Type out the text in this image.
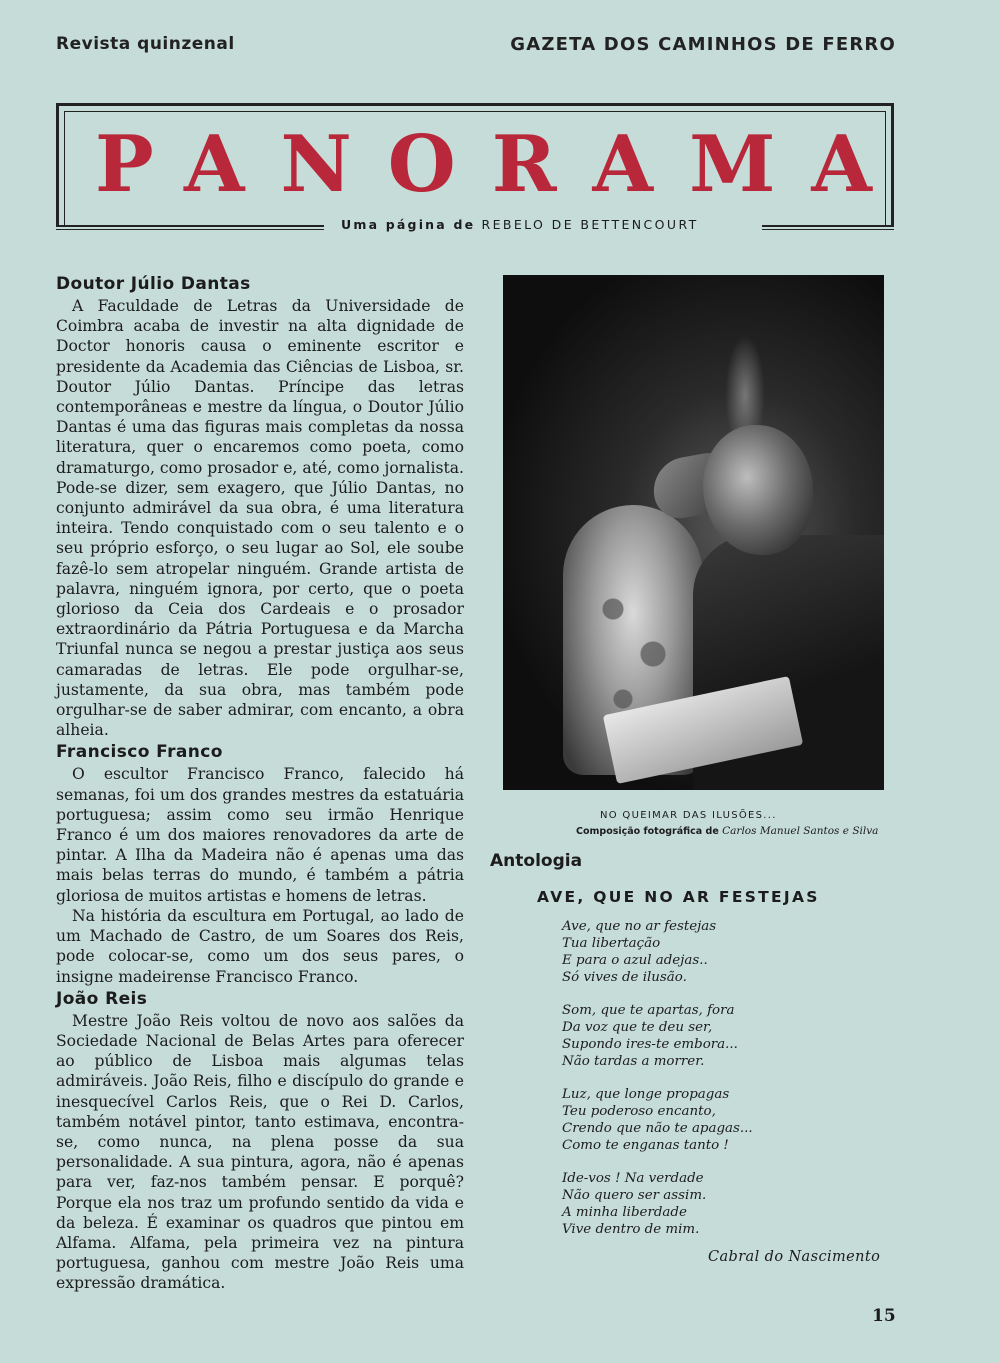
Revista quinzenal	GAZETA DOS CAMINHOS DE FERRO
PANORAMA
Uma página de REBELO DE BETTENCOURT
Doutor Júlio Dantas

A Faculdade de Letras da Universidade de Coimbra acaba de investir na alta dignidade de Doctor honoris causa o eminente escritor e presidente da Academia das Ciências de Lisboa, sr. Doutor Júlio Dantas. Príncipe das letras contemporâneas e mestre da língua, o Doutor Júlio Dantas é uma das figuras mais completas da nossa literatura, quer o encaremos como poeta, como dramaturgo, como prosador e, até, como jornalista. Pode-se dizer, sem exagero, que Júlio Dantas, no conjunto admirável da sua obra, é uma literatura inteira. Tendo conquistado com o seu talento e o seu próprio esforço, o seu lugar ao Sol, ele soube fazê-lo sem atropelar ninguém. Grande artista de palavra, ninguém ignora, por certo, que o poeta glorioso da Ceia dos Cardeais e o prosador extraordinário da Pátria Portuguesa e da Marcha Triunfal nunca se negou a prestar justiça aos seus camaradas de letras. Ele pode orgulhar-se, justamente, da sua obra, mas também pode orgulhar-se de saber admirar, com encanto, a obra alheia.

Francisco Franco

O escultor Francisco Franco, falecido há semanas, foi um dos grandes mestres da estatuária portuguesa; assim como seu irmão Henrique Franco é um dos maiores renovadores da arte de pintar. A Ilha da Madeira não é apenas uma das mais belas terras do mundo, é também a pátria gloriosa de muitos artistas e homens de letras.

Na história da escultura em Portugal, ao lado de um Machado de Castro, de um Soares dos Reis, pode colocar-se, como um dos seus pares, o insigne madeirense Francisco Franco.

João Reis

Mestre João Reis voltou de novo aos salões da Sociedade Nacional de Belas Artes para oferecer ao público de Lisboa mais algumas telas admiráveis. João Reis, filho e discípulo do grande e inesquecível Carlos Reis, que o Rei D. Carlos, também notável pintor, tanto estimava, encontra-se, como nunca, na plena posse da sua personalidade. A sua pintura, agora, não é apenas para ver, faz-nos também pensar. E porquê? Porque ela nos traz um profundo sentido da vida e da beleza. É examinar os quadros que pintou em Alfama. Alfama, pela primeira vez na pintura portuguesa, ganhou com mestre João Reis uma expressão dramática.

NO QUEIMAR DAS ILUSÕES...
Composição fotográfica de Carlos Manuel Santos e Silva
Antologia
AVE, QUE NO AR FESTEJAS
Ave, que no ar festejas
Tua libertação
E para o azul adejas..
Só vives de ilusão.
Som, que te apartas, fora
Da voz que te deu ser,
Supondo ires-te embora...
Não tardas a morrer.
Luz, que longe propagas
Teu poderoso encanto,
Crendo que não te apagas...
Como te enganas tanto !
Ide-vos ! Na verdade
Não quero ser assim.
A minha liberdade
Vive dentro de mim.
Cabral do Nascimento
15
